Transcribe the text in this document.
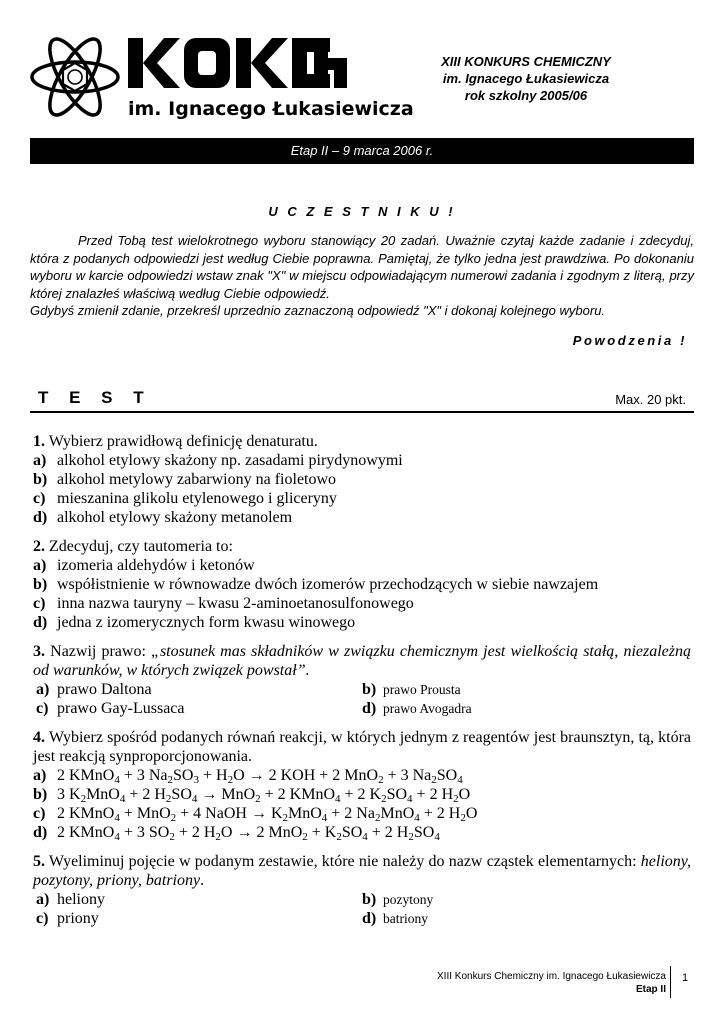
im. Ignacego Łukasiewicza
XIII KONKURS CHEMICZNY
im. Ignacego Łukasiewicza
rok szkolny 2005/06
Etap II – 9 marca 2006 r.
U C Z E S T N I K U !

Przed Tobą test wielokrotnego wyboru stanowiący 20 zadań. Uważnie czytaj każde zadanie i zdecyduj, która z podanych odpowiedzi jest według Ciebie poprawna. Pamiętaj, że tylko jedna jest prawdziwa. Po dokonaniu wyboru w karcie odpowiedzi wstaw znak "X" w miejscu odpowiadającym numerowi zadania i zgodnym z literą, przy której znalazłeś właściwą według Ciebie odpowiedź.

Gdybyś zmienił zdanie, przekreśl uprzednio zaznaczoną odpowiedź "X" i dokonaj kolejnego wyboru.

Powodzenia !
T E S T	Max. 20 pkt.
1. Wybierz prawidłową definicję denaturatu.
a) alkohol etylowy skażony np. zasadami pirydynowymi
b) alkohol metylowy zabarwiony na fioletowo
c) mieszanina glikolu etylenowego i gliceryny
d) alkohol etylowy skażony metanolem
2. Zdecyduj, czy tautomeria to:
a) izomeria aldehydów i ketonów
b) współistnienie w równowadze dwóch izomerów przechodzących w siebie nawzajem
c) inna nazwa tauryny – kwasu 2-aminoetanosulfonowego
d) jedna z izomerycznych form kwasu winowego
3. Nazwij prawo: „stosunek mas składników w związku chemicznym jest wielkością stałą, niezależną od warunków, w których związek powstał”.
a) prawo Daltona	b) prawo Prousta
c) prawo Gay-Lussaca	d) prawo Avogadra
4. Wybierz spośród podanych równań reakcji, w których jednym z reagentów jest braunsztyn, tą, która jest reakcją synproporcjonowania.
a) 2 KMnO$_4$ + 3 $Na_2SO_3 + H_2O \to 2$ KOH + 2 MnO$_2$ + 3 $Na_2SO_4$
b) 3 $K_2MnO_4 + 2$ $H_2SO_4 \to MnO_2 + 2$ KMnO$_4$ + 2 $K_2SO_4 + 2$ $H_2O$
c) 2 KMnO$_4$ + MnO$_2$ + 4 NaOH → $K_2MnO_4 + 2$ $Na_2MnO_4 + 2$ $H_2O$
d) 2 KMnO$_4$ + 3 $SO_2 + 2$ $H_2O \to 2$ $MnO_2 + K_2SO_4 + 2$ $H_2SO_4$
5. Wyeliminuj pojęcie w podanym zestawie, które nie należy do nazw cząstek elementarnych: heliony, pozytony, priony, batriony.
a) heliony	b) pozytony
c) priony	d) batriony
XIII Konkurs Chemiczny im. Ignacego Łukasiewicza
Etap II
1
